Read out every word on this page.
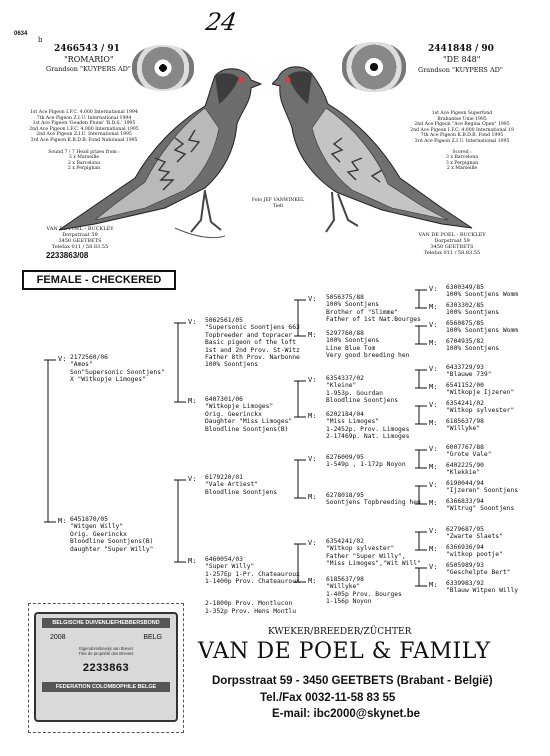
0634	24
b
2466543 / 91
"ROMARIO"
Grandson "KUYPERS AD"
1st Ace Pigeon I.F.C. 4.000 International 1994
7th Ace Pigeon Z.I.U. International 1994
1st Ace Pigeon 'Gouden Pluim' 'B.D.S.' 1995
2nd Ace Pigeon I.F.C. 4.000 International 1995
2nd Ace Pigeon Z.I.U. International 1995
3rd Ace Pigeon K.B.D.B. Fond Nationaal 1995
Sound 7 / 7 Head prizes from :
3 x Marseille
2 x Barcelona
2 x Perpignan
VAN DE POEL - BUCKLEY
Dorpstraat 59
3450 GEETBETS
Telefax 011 / 58.83.55
2233863/08
Foto JEF VANWINKEL
Tielt
2441848 / 90
"DE 848"
Grandson "KUYPERS AD"
1st Ace Pigeon Superfond
Brabantse Unie 1995
2nd Ace Pigeon "Ace Regina Open" 1995
2nd Ace Pigeon I.F.C. 4.000 International 19
7th Ace Pigeon K.B.D.B. Fond 1995
3rd Ace Pigeon Z.I.U. International 1995
Scored :
3 x Barcelona
3 x Perpignan
2 x Marseille
VAN DE POEL - BUCKLEY
Dorpstraat 59
3450 GEETBETS
Telefax 011 / 58.83.55
FEMALE - CHECKERED
V:
M:
V:
M:
V:
M:
V:
M:
V:
M:
V:
M:
V:
M:
V:
M:
V:
M:
V:
M:
V:
M:
V:
M:
V:
M:
V:
M:
V:
M:
2172560/06
"Amos"
Son"Supersonic Soontjens"
X "Witkopje Limoges"
6451870/05
"Witgen Willy"
Orig. Geerinckx
Bloodline Soontjens(B)
daughter "Super Willy"
5062561/05
"Supersonic Soontjens 663
Topbreeder and topracer
Basic pigeon of the loft
1st and 2nd Prov. St-Witz
Father 8th Prov. Narbonne
100% Soontjens
6407301/06
"Witkopje Limoges"
Orig. Geerinckx
Daughter "Miss Limoges"
Bloodline Soontjens(B)
6179220/01
"Vale Artiest"
Bloodline Soontjens
6460054/03
"Super Willy"
1-257Ep 1-Pr. Chateauroux
1-1400p Prov. Chateauroux

2-1800p Prov. Montlucon
1-352p Prov. Hens Montlu
5056375/88
100% Soontjens
Brother of "Slimme"
Father of 1st Nat.Bourges
5297760/88
100% Soontjens
Line Blue Tom
Very good breeding hen
6354337/02
"Kleine"
1-953p. Gourdan
Bloodline Soontjens
6202184/04
"Miss Limoges"
1-2452p. Prov. Limoges
2-17469p. Nat. Limoges
6276009/95
1-549p , 1-172p Noyon
6278018/95
Soontjens Topbreeding hen
6354241/02
"Witkop sylvester"
Father "Super Willy",
"Miss Limoges","Wit Will"
6185637/98
"Willyke"
1-405p Prov. Bourges
1-156p Noyon
6300349/85
100% Soontjens Womm
6303302/85
100% Soontjens
6560875/85
100% Soontjens Womm
6704935/82
100% Soontjens
6433729/93
"Blauwe 739"
6541152/00
"Witkopje Ijzeren"
6354241/02
"Witkop sylvester"
6185637/98
"Willyke"
6007767/88
"Grote Vale"
6402225/90
"Klekkie"
6190044/94
"Ijzeren" Soontjens
6366833/94
"Witrug" Soontjens
6279687/95
"Zwarte Slaets"
6366936/94
"witkop pootje"
6505989/93
"Geschelpte Bert"
6339983/92
"Blauw Witpen Willy
BELGISCHE DUIVENLIEFHEBBERSBOND
2008	BELG
Eigendomsbewijs van Brevet
Titre de propriété des Brevets
2233863
FEDERATION COLOMBOPHILE BELGE
KWEKER/BREEDER/ZÜCHTER
VAN DE POEL & FAMILY
Dorpsstraat 59 - 3450 GEETBETS (Brabant - België)
Tel./Fax 0032-11-58 83 55
E-mail: ibc2000@skynet.be
